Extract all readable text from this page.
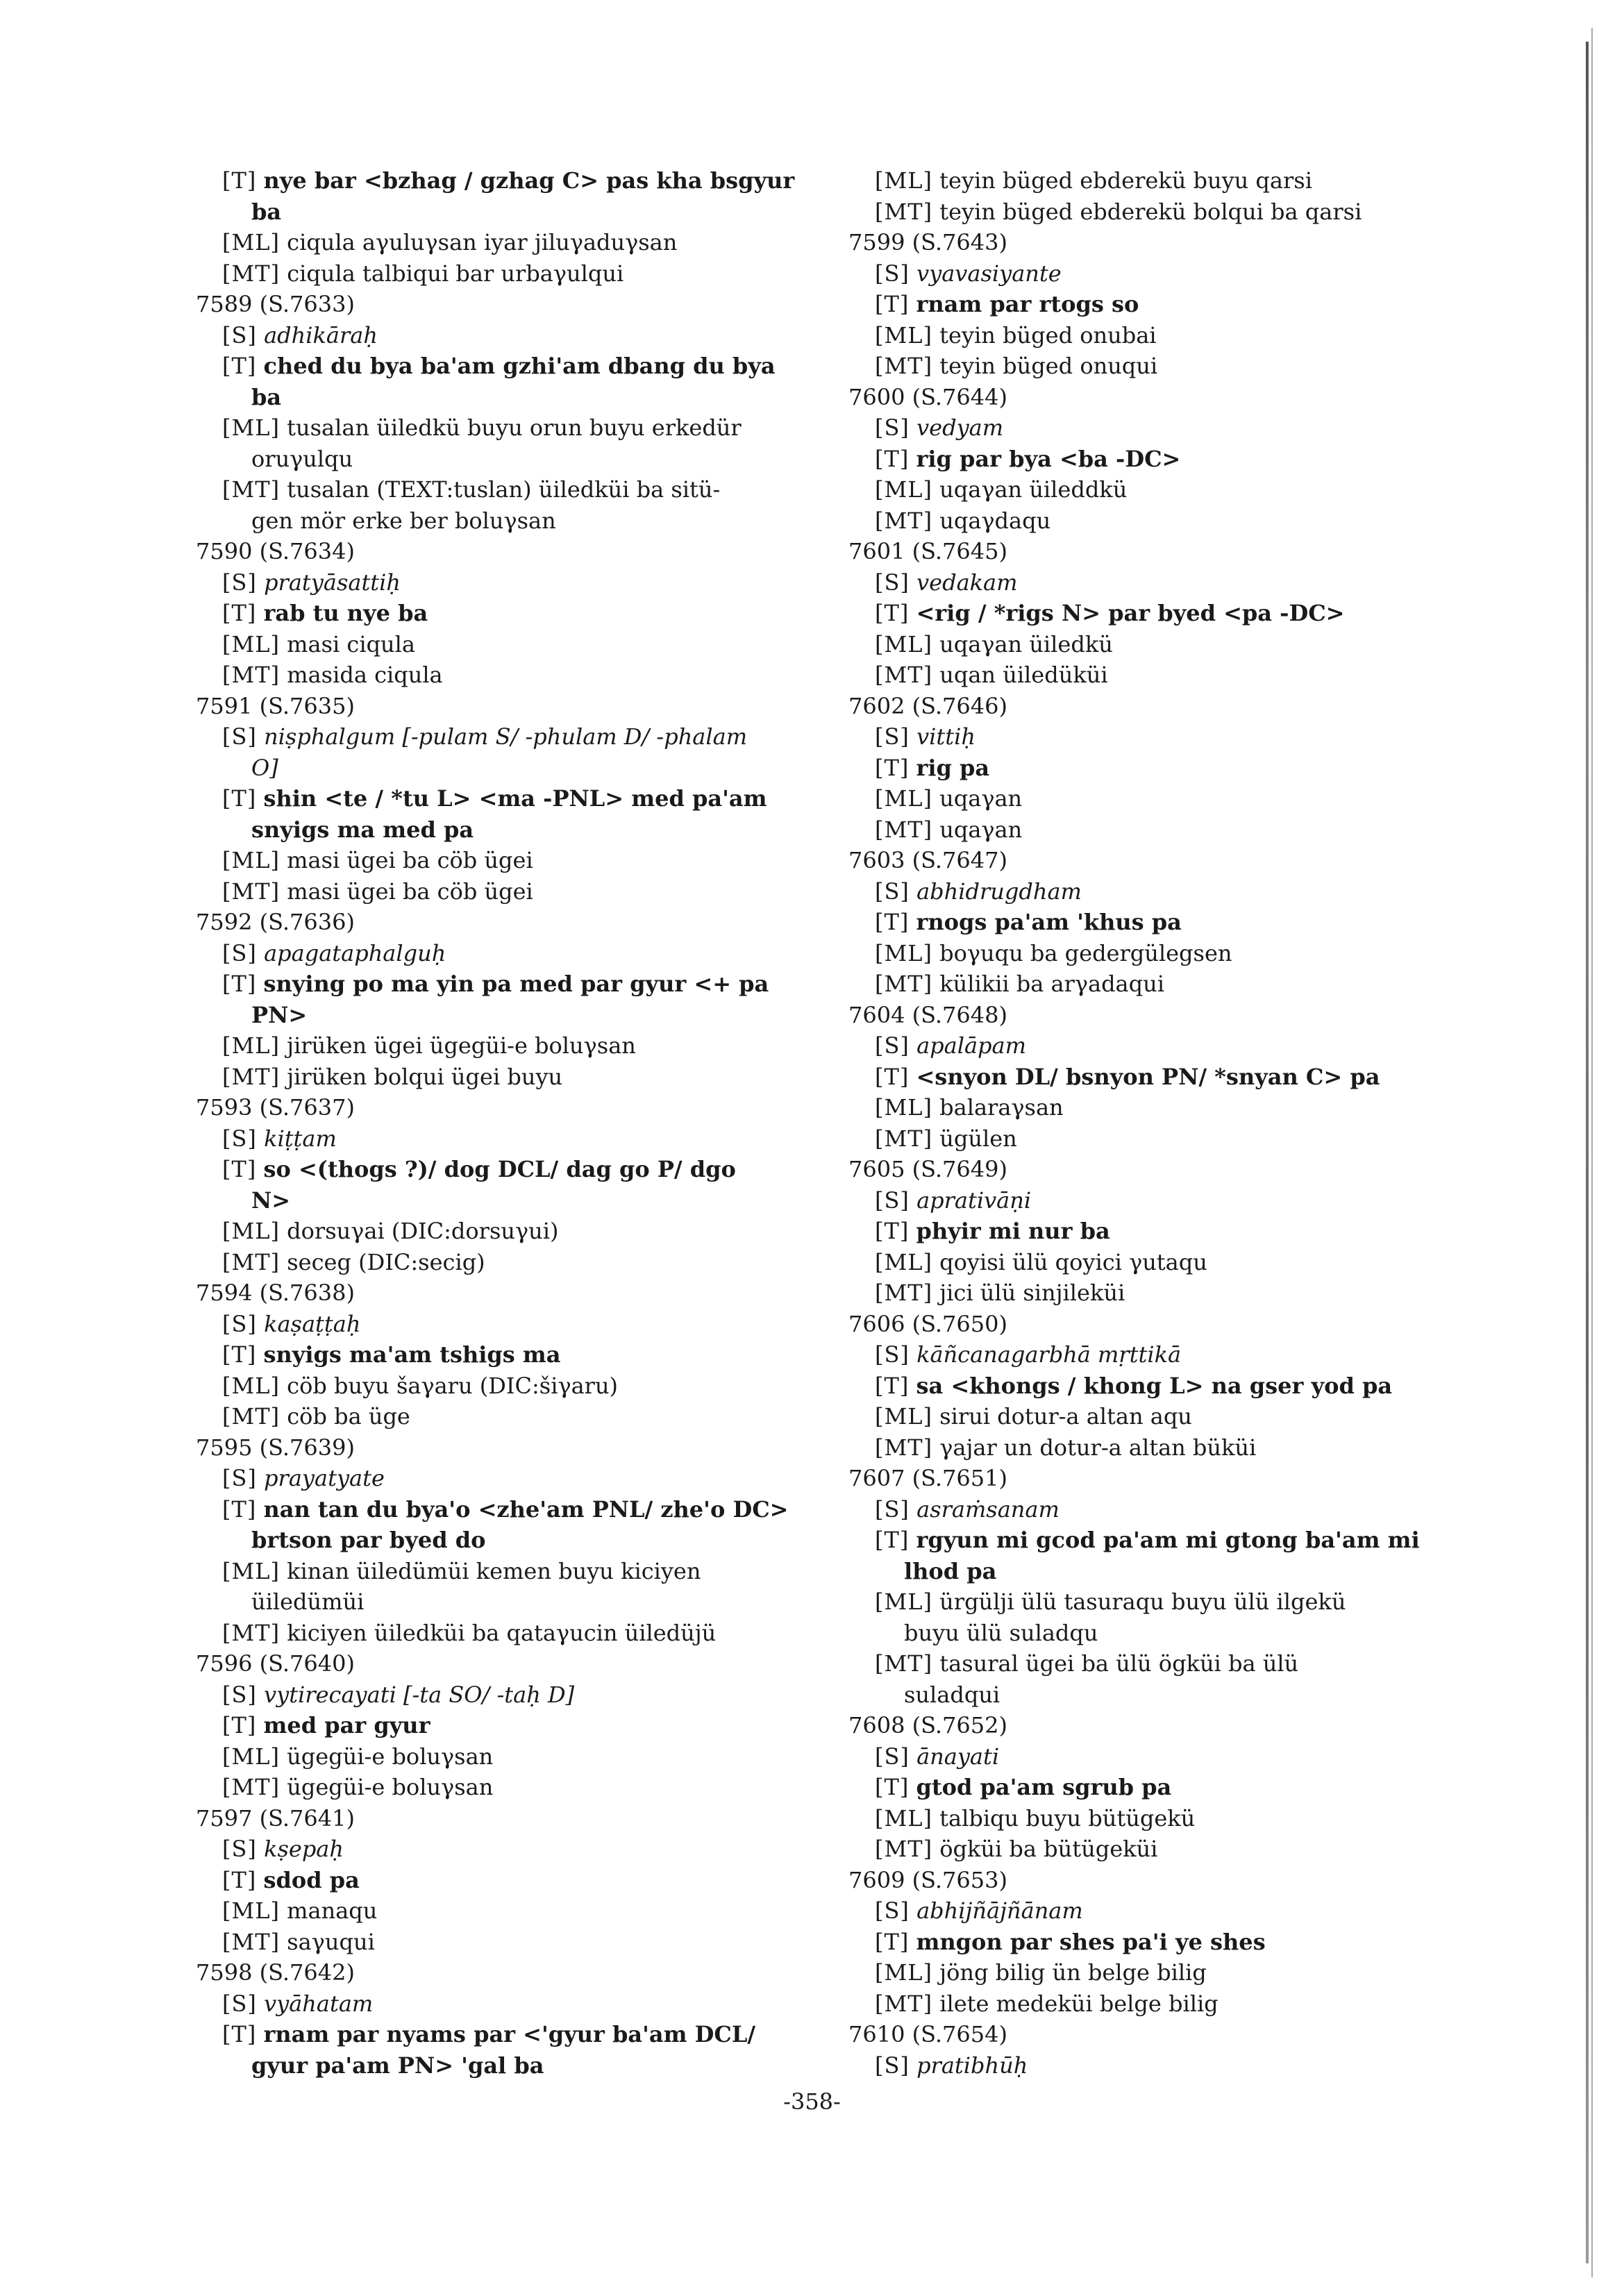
[T] nye bar <bzhag / gzhag C> pas kha bsgyur
ba
[ML] ciqula aγuluγsan iyar jiluγaduγsan
[MT] ciqula talbiqui bar urbaγulqui
7589 (S.7633)
[S] adhikāraḥ
[T] ched du bya ba'am gzhi'am dbang du bya
ba
[ML] tusalan üiledkü buyu orun buyu erkedür
oruγulqu
[MT] tusalan (TEXT:tuslan) üiledküi ba sitü-
gen mör erke ber boluγsan
7590 (S.7634)
[S] pratyāsattiḥ
[T] rab tu nye ba
[ML] masi ciqula
[MT] masida ciqula
7591 (S.7635)
[S] niṣphalgum [-pulam S/ -phulam D/ -phalam
O]
[T] shin <te / *tu L> <ma -PNL> med pa'am
snyigs ma med pa
[ML] masi ügei ba cöb ügei
[MT] masi ügei ba cöb ügei
7592 (S.7636)
[S] apagataphalguḥ
[T] snying po ma yin pa med par gyur <+ pa
PN>
[ML] jirüken ügei ügegüi-e boluγsan
[MT] jirüken bolqui ügei buyu
7593 (S.7637)
[S] kiṭṭam
[T] so <(thogs ?)/ dog DCL/ dag go P/ dgo
N>
[ML] dorsuγai (DIC:dorsuγui)
[MT] seceg (DIC:secig)
7594 (S.7638)
[S] kaṣaṭṭaḥ
[T] snyigs ma'am tshigs ma
[ML] cöb buyu šaγaru (DIC:šiγaru)
[MT] cöb ba üge
7595 (S.7639)
[S] prayatyate
[T] nan tan du bya'o <zhe'am PNL/ zhe'o DC>
brtson par byed do
[ML] kinan üiledümüi kemen buyu kiciyen
üiledümüi
[MT] kiciyen üiledküi ba qataγucin üiledüjü
7596 (S.7640)
[S] vytirecayati [-ta SO/ -taḥ D]
[T] med par gyur
[ML] ügegüi-e boluγsan
[MT] ügegüi-e boluγsan
7597 (S.7641)
[S] kṣepaḥ
[T] sdod pa
[ML] manaqu
[MT] saγuqui
7598 (S.7642)
[S] vyāhatam
[T] rnam par nyams par <'gyur ba'am DCL/
gyur pa'am PN> 'gal ba
[ML] teyin büged ebderekü buyu qarsi
[MT] teyin büged ebderekü bolqui ba qarsi
7599 (S.7643)
[S] vyavasiyante
[T] rnam par rtogs so
[ML] teyin büged onubai
[MT] teyin büged onuqui
7600 (S.7644)
[S] vedyam
[T] rig par bya <ba -DC>
[ML] uqaγan üileddkü
[MT] uqaγdaqu
7601 (S.7645)
[S] vedakam
[T] <rig / *rigs N> par byed <pa -DC>
[ML] uqaγan üiledkü
[MT] uqan üiledüküi
7602 (S.7646)
[S] vittiḥ
[T] rig pa
[ML] uqaγan
[MT] uqaγan
7603 (S.7647)
[S] abhidrugdham
[T] rnogs pa'am 'khus pa
[ML] boγuqu ba gedergülegsen
[MT] külikii ba arγadaqui
7604 (S.7648)
[S] apalāpam
[T] <snyon DL/ bsnyon PN/ *snyan C> pa
[ML] balaraγsan
[MT] ügülen
7605 (S.7649)
[S] aprativāṇi
[T] phyir mi nur ba
[ML] qoyisi ülü qoyici γutaqu
[MT] jici ülü sinjileküi
7606 (S.7650)
[S] kāñcanagarbhā mṛttikā
[T] sa <khongs / khong L> na gser yod pa
[ML] sirui dotur-a altan aqu
[MT] γajar un dotur-a altan büküi
7607 (S.7651)
[S] asraṁsanam
[T] rgyun mi gcod pa'am mi gtong ba'am mi
lhod pa
[ML] ürgülji ülü tasuraqu buyu ülü ilgekü
buyu ülü suladqu
[MT] tasural ügei ba ülü ögküi ba ülü
suladqui
7608 (S.7652)
[S] ānayati
[T] gtod pa'am sgrub pa
[ML] talbiqu buyu bütügekü
[MT] ögküi ba bütügeküi
7609 (S.7653)
[S] abhijñājñānam
[T] mngon par shes pa'i ye shes
[ML] jöng bilig ün belge bilig
[MT] ilete medeküi belge bilig
7610 (S.7654)
[S] pratibhūḥ
-358-
